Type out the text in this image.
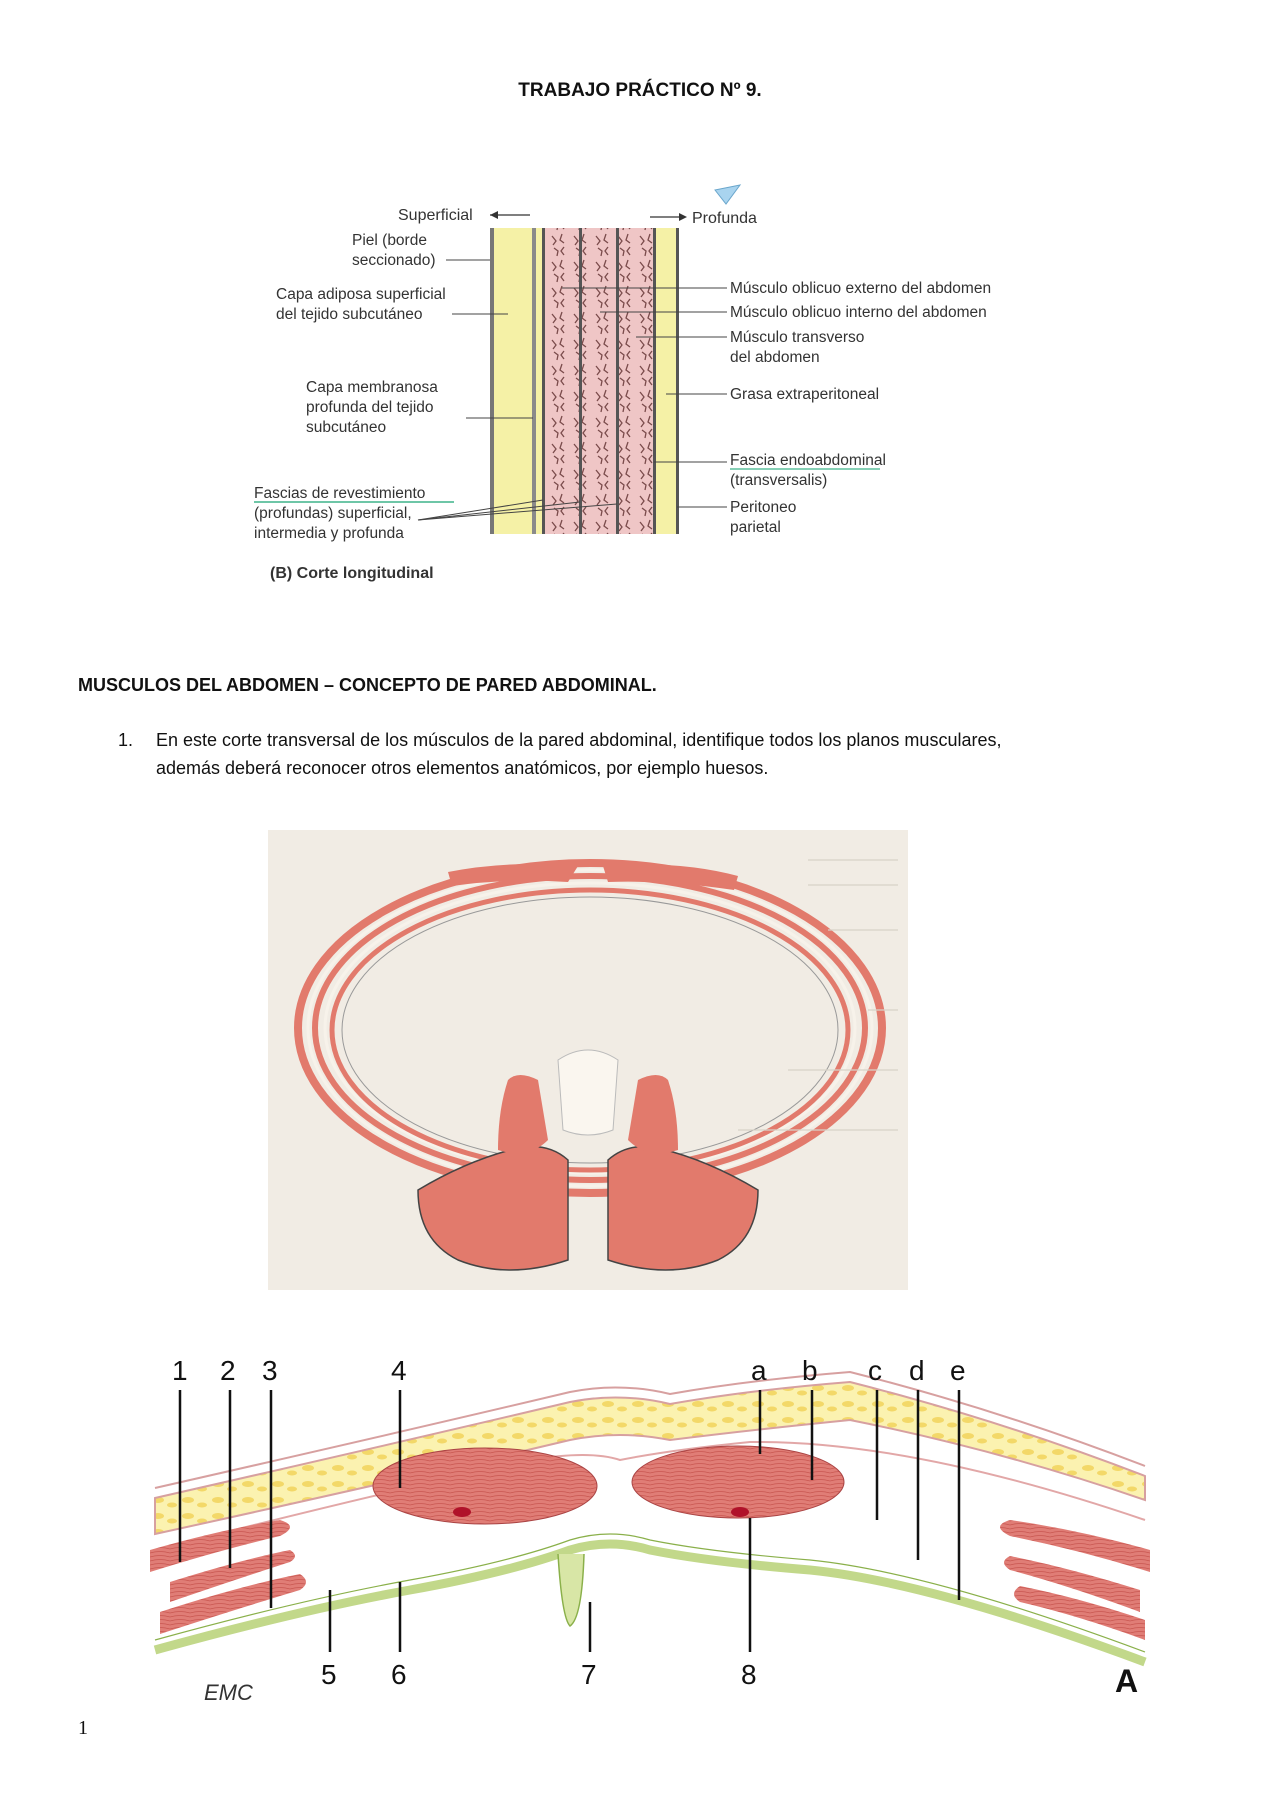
TRABAJO PRÁCTICO Nº 9.
Superficial	Profunda
Piel (borde
seccionado)
Capa adiposa superficial
del tejido subcutáneo
Capa membranosa
profunda del tejido
subcutáneo
Fascias de revestimiento
(profundas) superficial,
intermedia y profunda
(B) Corte longitudinal
Músculo oblicuo externo del abdomen
Músculo oblicuo interno del abdomen
Músculo transverso
del abdomen
Grasa extraperitoneal
Fascia endoabdominal
(transversalis)
Peritoneo
parietal
MUSCULOS DEL ABDOMEN – CONCEPTO DE PARED ABDOMINAL.
1. En este corte transversal de los músculos de la pared abdominal, identifique todos los planos musculares,
además deberá reconocer otros elementos anatómicos, por ejemplo huesos.
1 2 3	4
5 6	7	8
a b c d e
A
EMC
1
